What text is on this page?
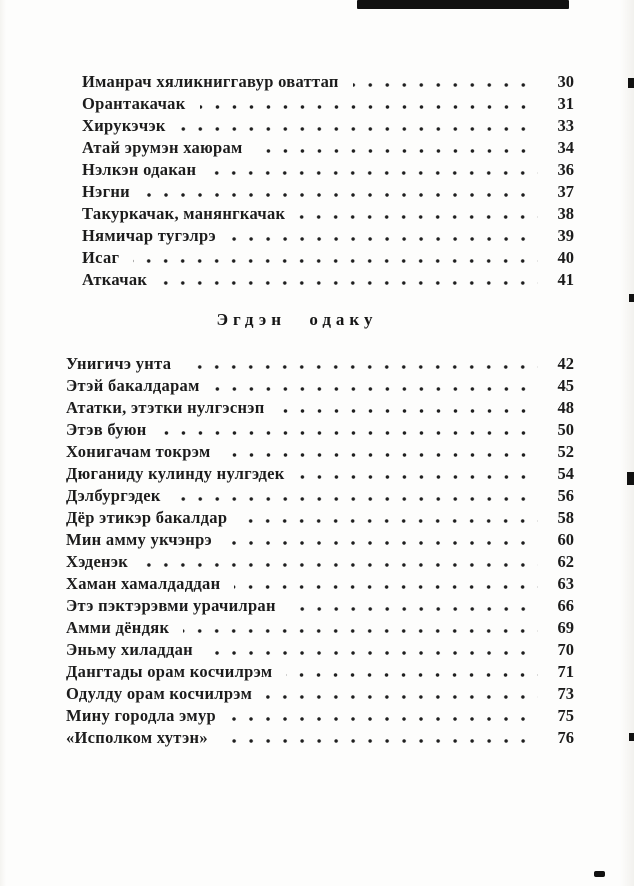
Иманрач хяликниггавур оваттап	30
Орантакачак	31
Хирукэчэк	33
Атай эрумэн хаюрам	34
Нэлкэн одакан	36
Нэгни	37
Такуркачак, манянгкачак	38
Нямичар тугэлрэ	39
Исаг	40
Аткачак	41
Эгдэн одаку
Унигичэ унта	42
Этэй бакалдарам	45
Ататки, этэтки нулгэснэп	48
Этэв буюн	50
Хонигачам токрэм	52
Дюганиду кулинду нулгэдек	54
Дэлбургэдек	56
Дёр этикэр бакалдар	58
Мин амму укчэнрэ	60
Хэденэк	62
Хаман хамалдаддан	63
Этэ пэктэрэвми урачилран	66
Амми дёндяк	69
Эньму хиладдан	70
Дангтады орам косчилрэм	71
Одулду орам косчилрэм	73
Мину городла эмур	75
«Исполком хутэн»	76
